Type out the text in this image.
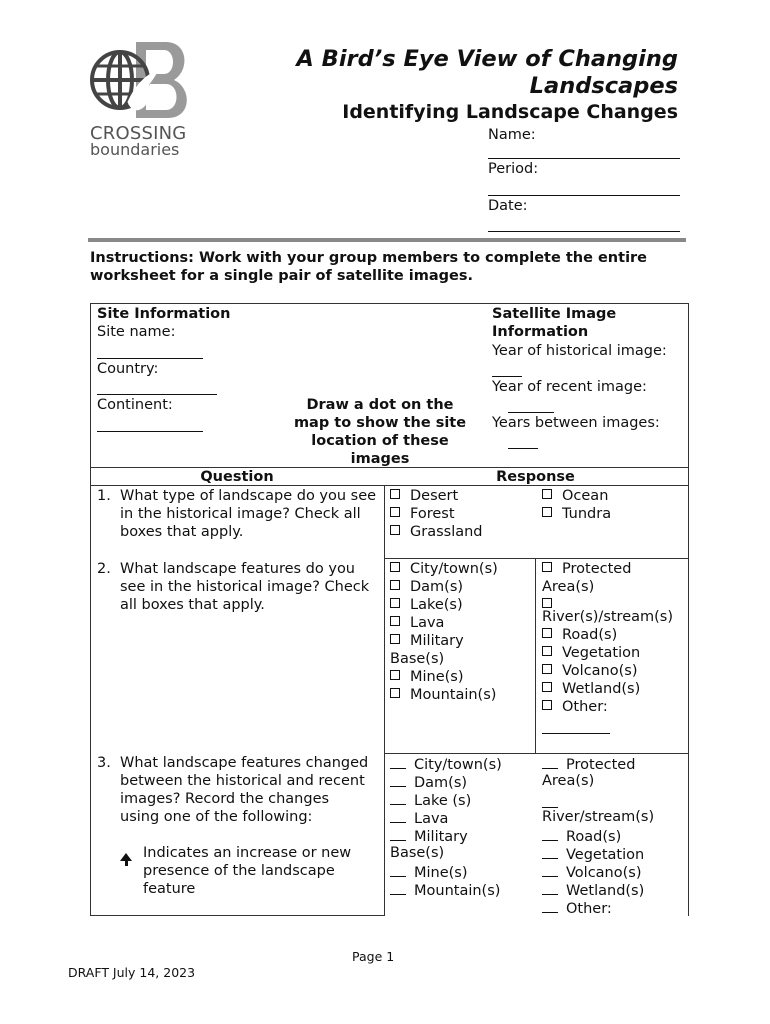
CROSSING
boundaries
A Bird’s Eye View of Changing
Landscapes
Identifying Landscape Changes
Name:
Period:
Date:
Instructions: Work with your group members to complete the entire worksheet for a single pair of satellite images.
Site Information
Site name:
Country:
Continent:	Draw a dot on the map to show the site location of these images
Satellite Image Information
Year of historical image:
Year of recent image:
Years between images:
Question	Response
1. What type of landscape do you see in the historical image? Check all boxes that apply.
Desert
Forest
Grassland
Ocean
Tundra
2. What landscape features do you see in the historical image? Check all boxes that apply.
City/town(s)
Dam(s)
Lake(s)
Lava
Military
Base(s)
Mine(s)
Mountain(s)
Protected
Area(s)
River(s)/stream(s)
Road(s)
Vegetation
Volcano(s)
Wetland(s)
Other:
3. What landscape features changed between the historical and recent images? Record the changes using one of the following:
Indicates an increase or new presence of the landscape feature
City/town(s)
Dam(s)
Lake (s)
Lava
Military
Base(s)
Mine(s)
Mountain(s)
Protected
Area(s)
River/stream(s)
Road(s)
Vegetation
Volcano(s)
Wetland(s)
Other:
Page 1
DRAFT July 14, 2023
